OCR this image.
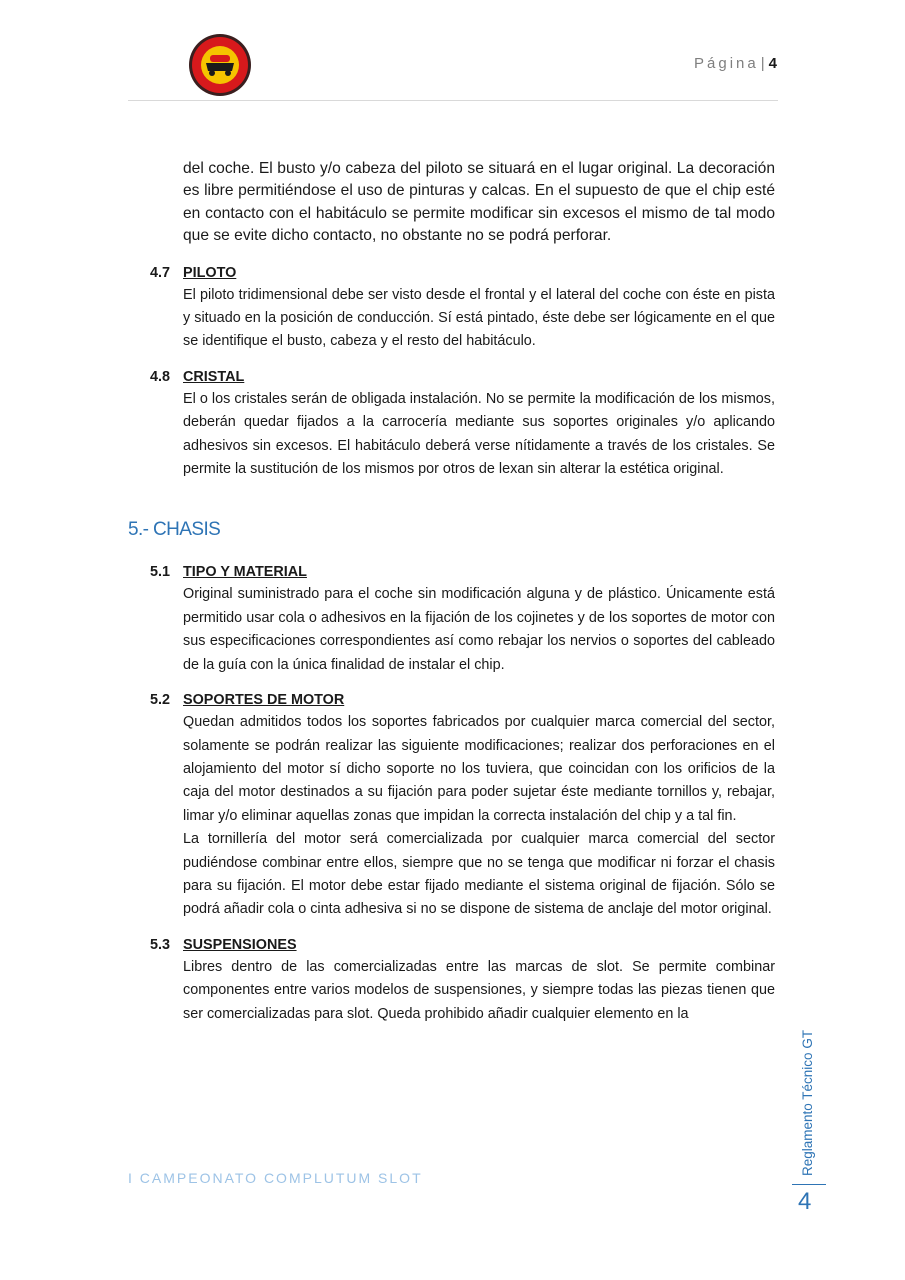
Página | 4

del coche. El busto y/o cabeza del piloto se situará en el lugar original. La decoración es libre permitiéndose el uso de pinturas y calcas. En el supuesto de que el chip esté en contacto con el habitáculo se permite modificar sin excesos el mismo de tal modo que se evite dicho contacto, no obstante no se podrá perforar.

4.7 PILOTO

El piloto tridimensional debe ser visto desde el frontal y el lateral del coche con éste en pista y situado en la posición de conducción. Sí está pintado, éste debe ser lógicamente en el que se identifique el busto, cabeza y el resto del habitáculo.

4.8 CRISTAL

El o los cristales serán de obligada instalación. No se permite la modificación de los mismos, deberán quedar fijados a la carrocería mediante sus soportes originales y/o aplicando adhesivos sin excesos. El habitáculo deberá verse nítidamente a través de los cristales. Se permite la sustitución de los mismos por otros de lexan sin alterar la estética original.

5.- CHASIS
5.1 TIPO Y MATERIAL

Original suministrado para el coche sin modificación alguna y de plástico. Únicamente está permitido usar cola o adhesivos en la fijación de los cojinetes y de los soportes de motor con sus especificaciones correspondientes así como rebajar los nervios o soportes del cableado de la guía con la única finalidad de instalar el chip.

5.2 SOPORTES DE MOTOR

Quedan admitidos todos los soportes fabricados por cualquier marca comercial del sector, solamente se podrán realizar las siguiente modificaciones; realizar dos perforaciones en el alojamiento del motor sí dicho soporte no los tuviera, que coincidan con los orificios de la caja del motor destinados a su fijación para poder sujetar éste mediante tornillos y, rebajar, limar y/o eliminar aquellas zonas que impidan la correcta instalación del chip y a tal fin.

La tornillería del motor será comercializada por cualquier marca comercial del sector pudiéndose combinar entre ellos, siempre que no se tenga que modificar ni forzar el chasis para su fijación. El motor debe estar fijado mediante el sistema original de fijación. Sólo se podrá añadir cola o cinta adhesiva si no se dispone de sistema de anclaje del motor original.

5.3 SUSPENSIONES

Libres dentro de las comercializadas entre las marcas de slot. Se permite combinar componentes entre varios modelos de suspensiones, y siempre todas las piezas tienen que ser comercializadas para slot. Queda prohibido añadir cualquier elemento en la

I CAMPEONATO COMPLUTUM SLOT
Reglamento Técnico GT
4
